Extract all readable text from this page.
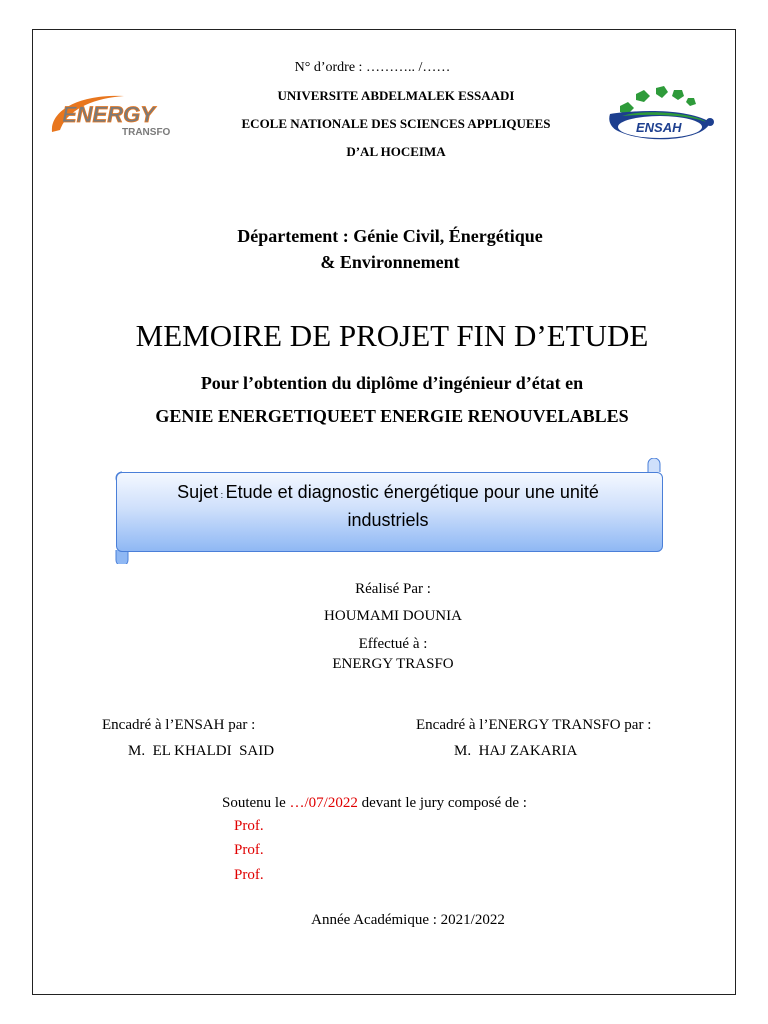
ENERGY
TRANSFO	ENSAH
N° d’ordre : ……….. /……
UNIVERSITE ABDELMALEK ESSAADI
ECOLE NATIONALE DES SCIENCES APPLIQUEES
D’AL HOCEIMA
Département : Génie Civil, Énergétique
& Environnement
MEMOIRE DE PROJET FIN D’ETUDE
Pour l’obtention du diplôme d’ingénieur d’état en
GENIE ENERGETIQUEET ENERGIE RENOUVELABLES
Sujet : Etude et diagnostic énergétique pour une unité
industriels
Réalisé Par :
HOUMAMI DOUNIA
Effectué à :
ENERGY TRASFO
Encadré à l’ENSAH par :
M.  EL KHALDI  SAID
Encadré à l’ENERGY TRANSFO par :
M.  HAJ ZAKARIA
Soutenu le …/07/2022 devant le jury composé de :
Prof.
Prof.
Prof.
Année Académique : 2021/2022
